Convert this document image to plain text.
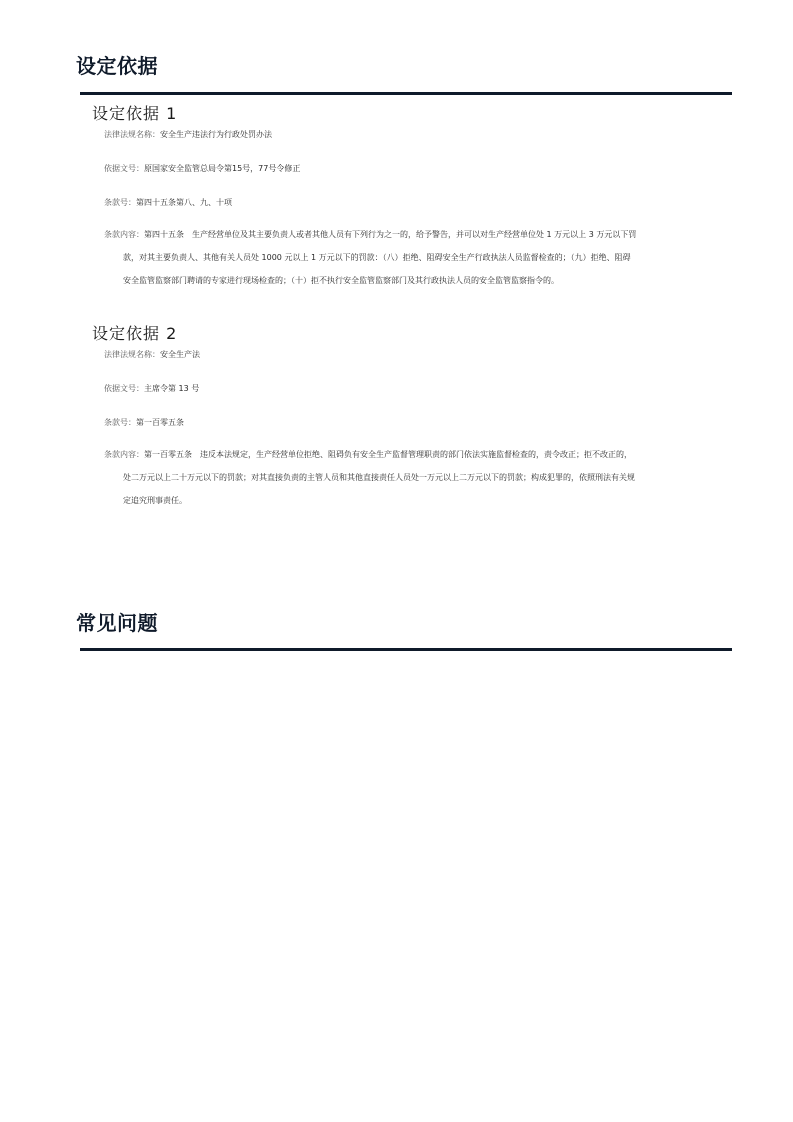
设定依据
设定依据 1
法律法规名称：安全生产违法行为行政处罚办法
依据文号：原国家安全监管总局令第15号，77号令修正
条款号：第四十五条第八、九、十项
条款内容：第四十五条　生产经营单位及其主要负责人或者其他人员有下列行为之一的，给予警告，并可以对生产经营单位处 1 万元以上 3 万元以下罚
款，对其主要负责人、其他有关人员处 1000 元以上 1 万元以下的罚款：（八）拒绝、阻碍安全生产行政执法人员监督检查的；（九）拒绝、阻碍
安全监管监察部门聘请的专家进行现场检查的；（十）拒不执行安全监管监察部门及其行政执法人员的安全监管监察指令的。
设定依据 2
法律法规名称：安全生产法
依据文号：主席令第 13 号
条款号：第一百零五条
条款内容：第一百零五条　违反本法规定，生产经营单位拒绝、阻碍负有安全生产监督管理职责的部门依法实施监督检查的，责令改正；拒不改正的，
处二万元以上二十万元以下的罚款；对其直接负责的主管人员和其他直接责任人员处一万元以上二万元以下的罚款；构成犯罪的，依照刑法有关规
定追究刑事责任。
常见问题
